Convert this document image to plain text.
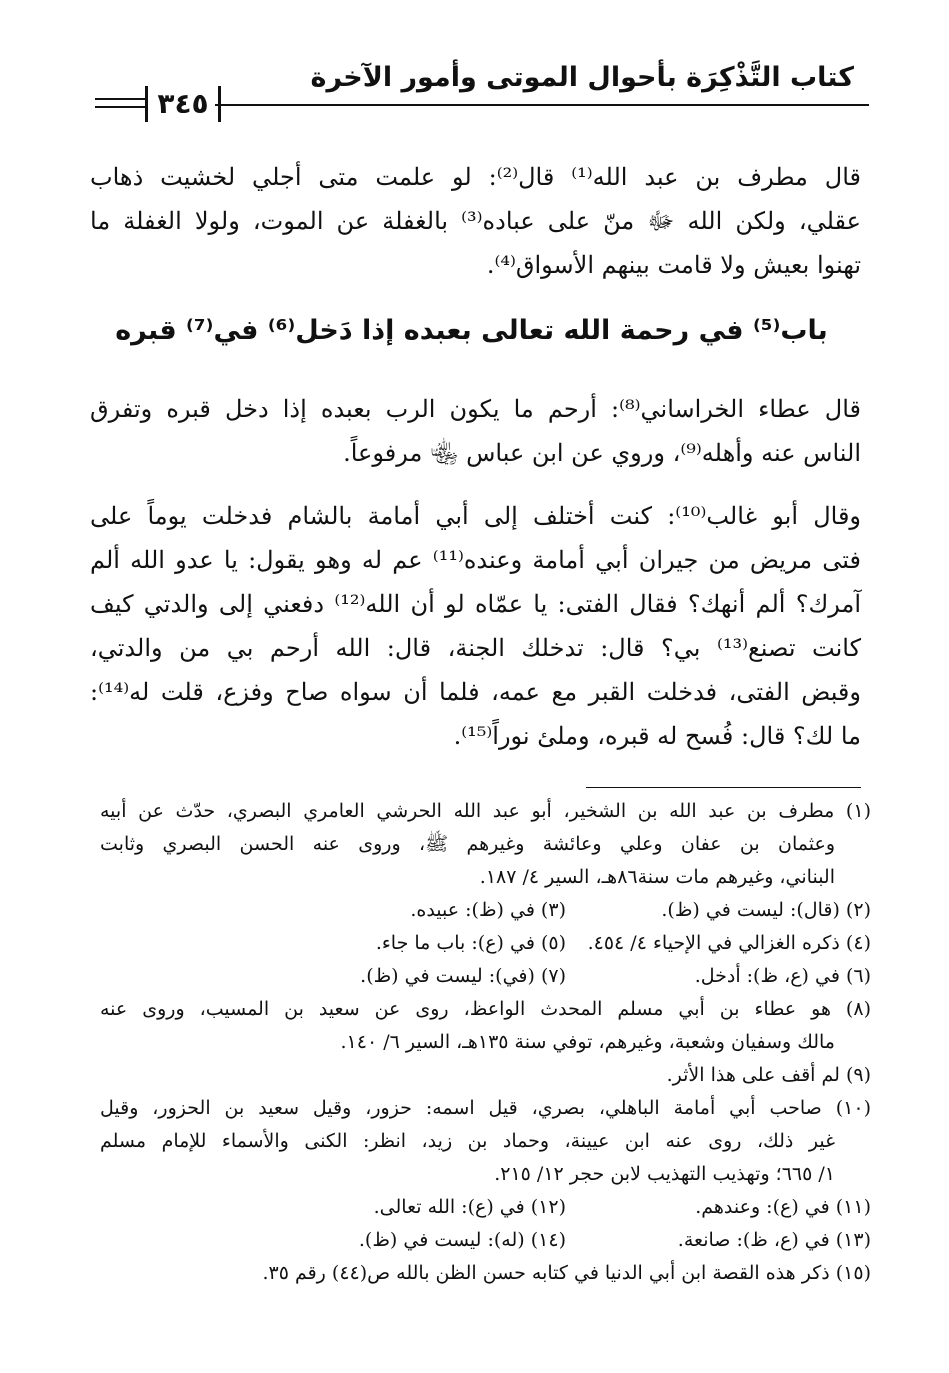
كتاب التَّذْكِرَة بأحوال الموتى وأمور الآخرة
٣٤٥
قال مطرف بن عبد الله⁽¹⁾ قال⁽²⁾: لو علمت متى أجلي لخشيت ذهاب
عقلي، ولكن الله ﷻ منّ على عباده⁽³⁾ بالغفلة عن الموت، ولولا الغفلة ما
تهنوا بعيش ولا قامت بينهم الأسواق⁽⁴⁾.
باب⁽⁵⁾ في رحمة الله تعالى بعبده إذا دَخل⁽⁶⁾ في⁽⁷⁾ قبره
قال عطاء الخراساني⁽⁸⁾: أرحم ما يكون الرب بعبده إذا دخل قبره وتفرق
الناس عنه وأهله⁽⁹⁾، وروي عن ابن عباس ﵄ مرفوعاً.
وقال أبو غالب⁽¹⁰⁾: كنت أختلف إلى أبي أمامة بالشام فدخلت يوماً على
فتى مريض من جيران أبي أمامة وعنده⁽¹¹⁾ عم له وهو يقول: يا عدو الله ألم
آمرك؟ ألم أنهك؟ فقال الفتى: يا عمّاه لو أن الله⁽¹²⁾ دفعني إلى والدتي كيف
كانت تصنع⁽¹³⁾ بي؟ قال: تدخلك الجنة، قال: الله أرحم بي من والدتي،
وقبض الفتى، فدخلت القبر مع عمه، فلما أن سواه صاح وفزع، قلت له⁽¹⁴⁾:
ما لك؟ قال: فُسح له قبره، وملئ نوراً⁽¹⁵⁾.
(١) مطرف بن عبد الله بن الشخير، أبو عبد الله الحرشي العامري البصري، حدّث عن أبيه
وعثمان بن عفان وعلي وعائشة وغيرهم ﷺ، وروى عنه الحسن البصري وثابت
البناني، وغيرهم مات سنة٨٦هـ، السير ٤/ ١٨٧.
(٢) (قال): ليست في (ظ).
(٣) في (ظ): عبيده.
(٤) ذكره الغزالي في الإحياء ٤/ ٤٥٤.
(٥) في (ع): باب ما جاء.
(٦) في (ع، ظ): أدخل.
(٧) (في): ليست في (ظ).
(٨) هو عطاء بن أبي مسلم المحدث الواعظ، روى عن سعيد بن المسيب، وروى عنه
مالك وسفيان وشعبة، وغيرهم، توفي سنة ١٣٥هـ، السير ٦/ ١٤٠.
(٩) لم أقف على هذا الأثر.
(١٠) صاحب أبي أمامة الباهلي، بصري، قيل اسمه: حزور، وقيل سعيد بن الحزور، وقيل
غير ذلك، روى عنه ابن عيينة، وحماد بن زيد، انظر: الكنى والأسماء للإمام مسلم
١/ ٦٦٥؛ وتهذيب التهذيب لابن حجر ١٢/ ٢١٥.
(١١) في (ع): وعندهم.
(١٢) في (ع): الله تعالى.
(١٣) في (ع، ظ): صانعة.
(١٤) (له): ليست في (ظ).
(١٥) ذكر هذه القصة ابن أبي الدنيا في كتابه حسن الظن بالله ص(٤٤) رقم ٣٥.
